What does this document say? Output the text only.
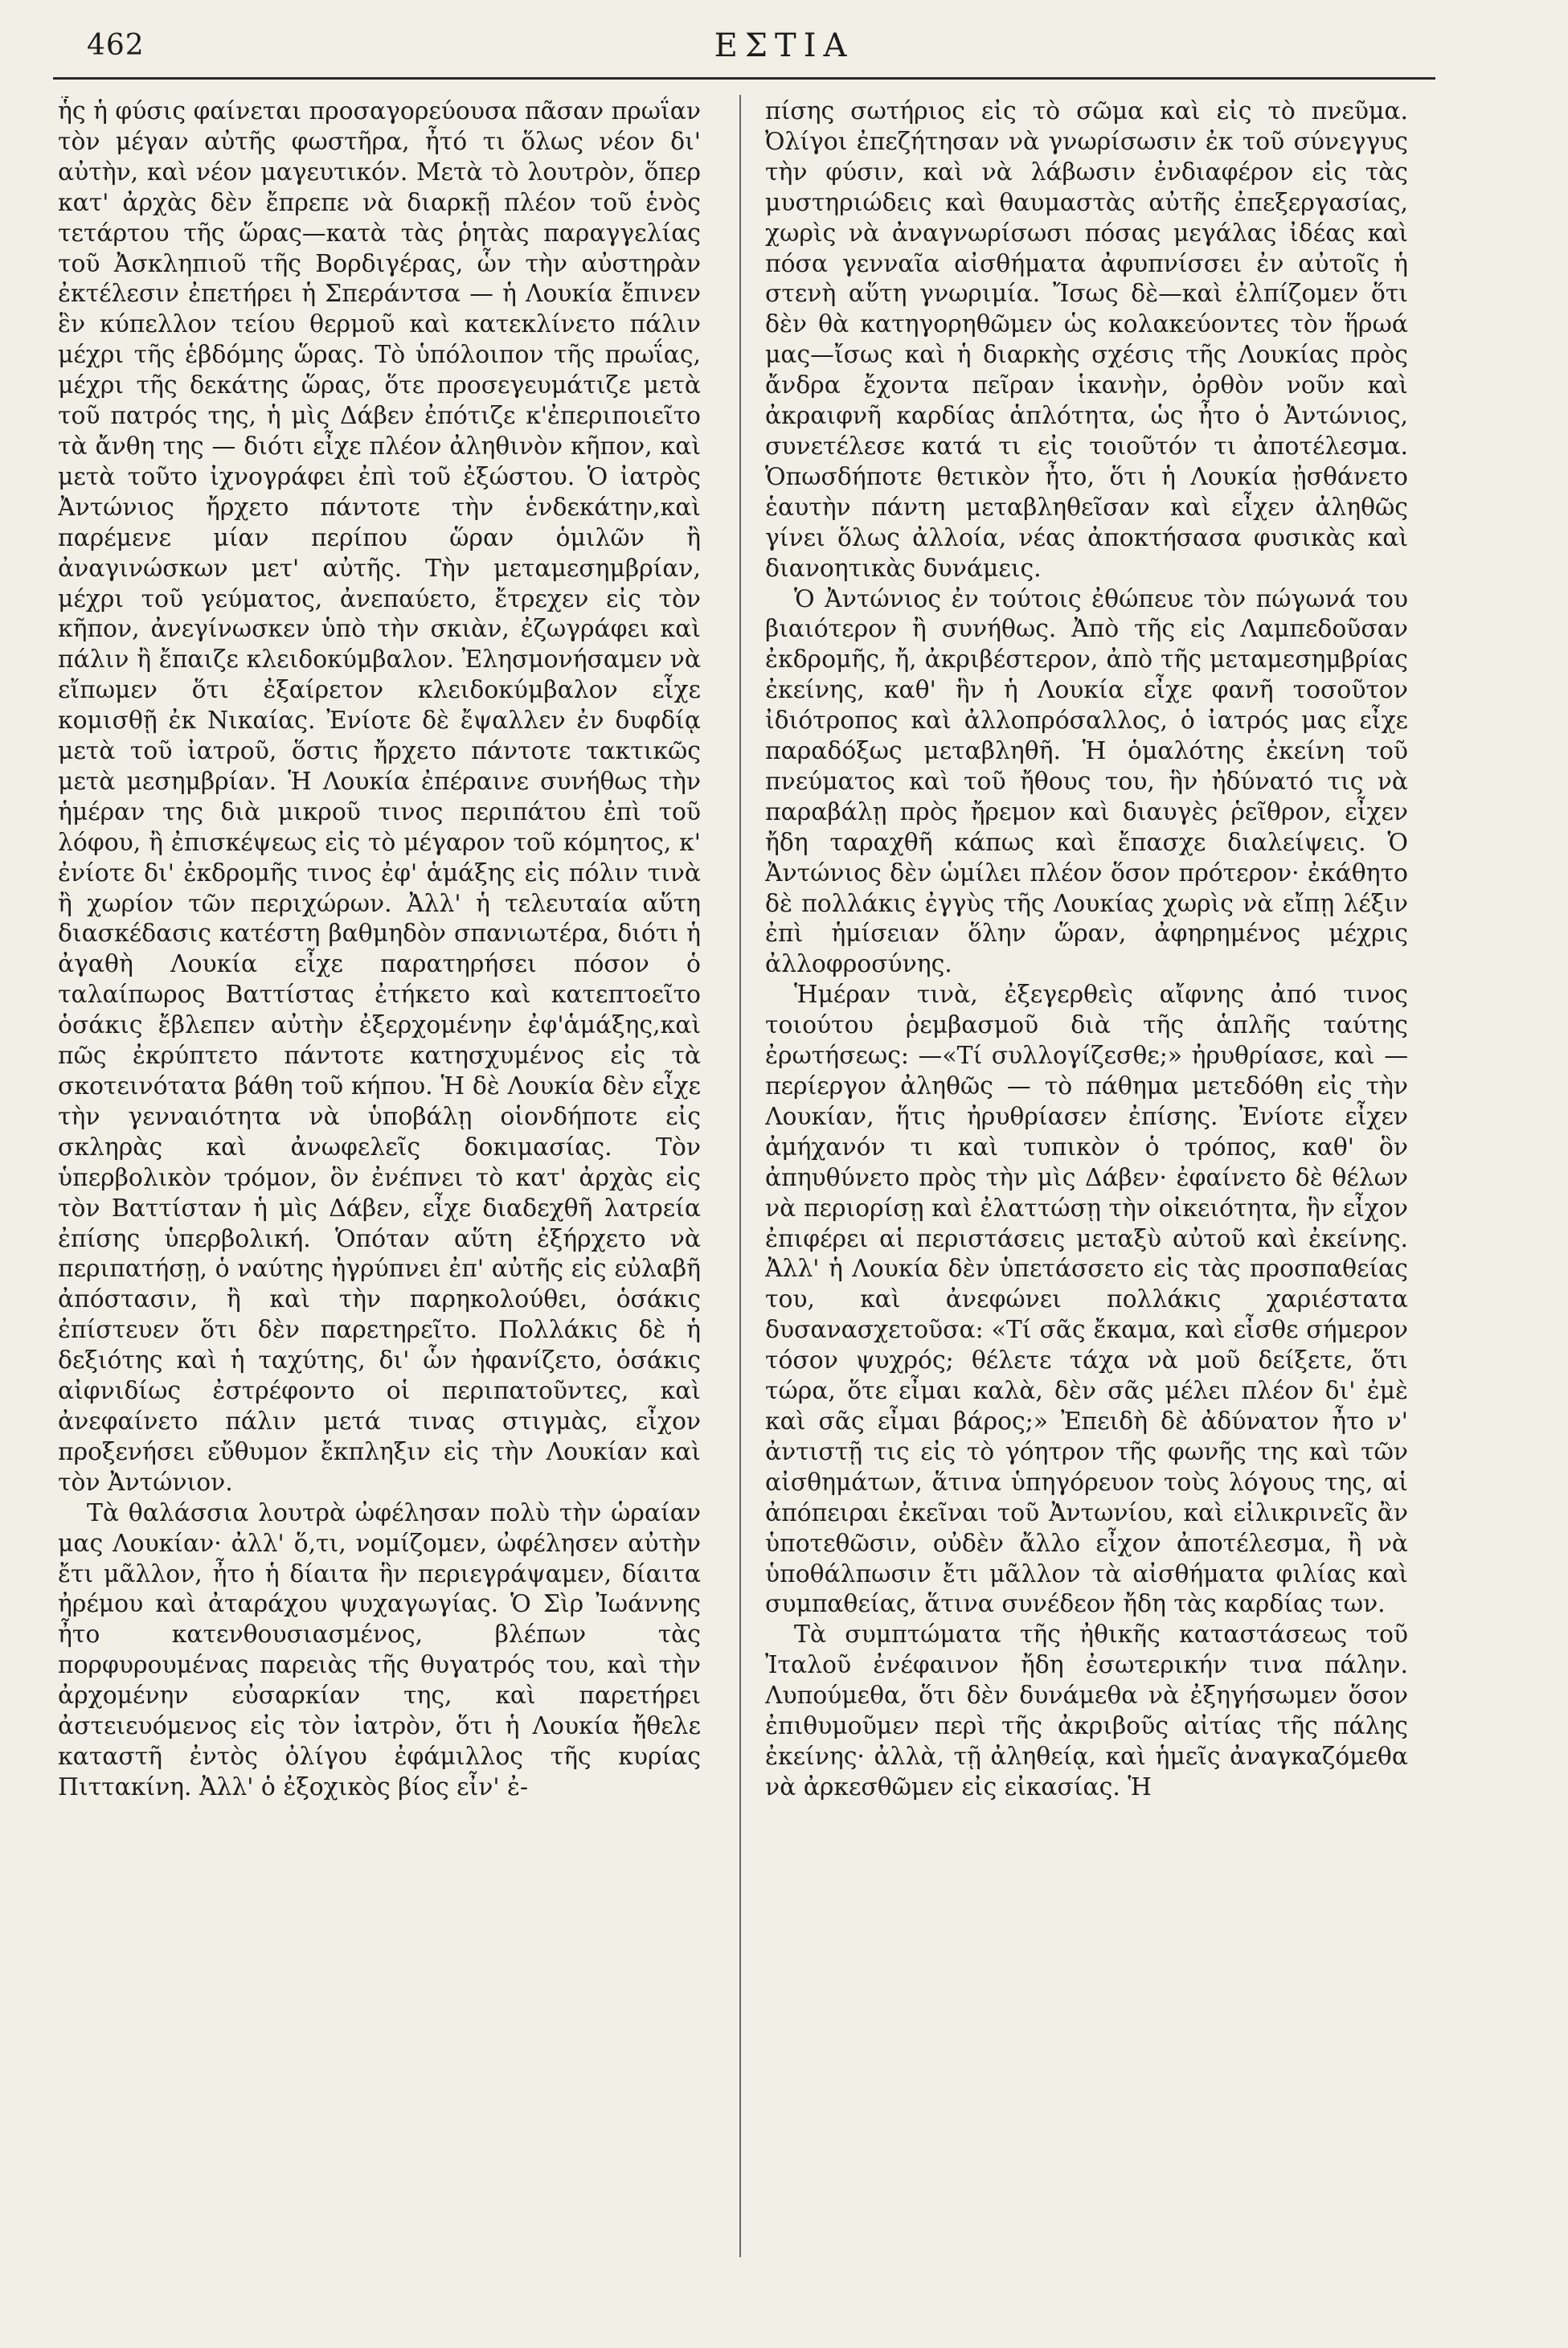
462	ΕΣΤΙΑ

ἧς ἡ φύσις φαίνεται προσαγορεύουσα πᾶσαν πρωΐαν τὸν μέγαν αὐτῆς φωστῆρα, ἦτό τι ὅλως νέον δι' αὐτὴν, καὶ νέον μαγευτικόν. Μετὰ τὸ λουτρὸν, ὅπερ κατ' ἀρχὰς δὲν ἔπρεπε νὰ διαρκῇ πλέον τοῦ ἑνὸς τετάρτου τῆς ὥρας—κατὰ τὰς ῥητὰς παραγγελίας τοῦ Ἀσκληπιοῦ τῆς Βορδιγέρας, ὧν τὴν αὐστηρὰν ἐκτέλεσιν ἐπετήρει ἡ Σπεράντσα — ἡ Λουκία ἔπινεν ἓν κύπελλον τείου θερμοῦ καὶ κατεκλίνετο πάλιν μέχρι τῆς ἑβδόμης ὥρας. Τὸ ὑπόλοιπον τῆς πρωΐας, μέχρι τῆς δεκάτης ὥρας, ὅτε προσεγευμάτιζε μετὰ τοῦ πατρός της, ἡ μὶς Δάβεν ἐπότιζε κ'ἐπεριποιεῖτο τὰ ἄνθη της — διότι εἶχε πλέον ἀληθινὸν κῆπον, καὶ μετὰ τοῦτο ἰχνογράφει ἐπὶ τοῦ ἐξώστου. Ὁ ἰατρὸς Ἀντώνιος ἤρχετο πάντοτε τὴν ἑνδεκάτην,καὶ παρέμενε μίαν περίπου ὥραν ὁμιλῶν ἢ ἀναγινώσκων μετ' αὐτῆς. Τὴν μεταμεσημβρίαν, μέχρι τοῦ γεύματος, ἀνεπαύετο, ἔτρεχεν εἰς τὸν κῆπον, ἀνεγίνωσκεν ὑπὸ τὴν σκιὰν, ἐζωγράφει καὶ πάλιν ἢ ἔπαιζε κλειδοκύμβαλον. Ἐλησμονήσαμεν νὰ εἴπωμεν ὅτι ἐξαίρετον κλειδοκύμβαλον εἶχε κομισθῇ ἐκ Νικαίας. Ἐνίοτε δὲ ἔψαλλεν ἐν δυφδίᾳ μετὰ τοῦ ἰατροῦ, ὅστις ἤρχετο πάντοτε τακτικῶς μετὰ μεσημβρίαν. Ἡ Λουκία ἐπέραινε συνήθως τὴν ἡμέραν της διὰ μικροῦ τινος περιπάτου ἐπὶ τοῦ λόφου, ἢ ἐπισκέψεως εἰς τὸ μέγαρον τοῦ κόμητος, κ' ἐνίοτε δι' ἐκδρομῆς τινος ἐφ' ἁμάξης εἰς πόλιν τινὰ ἢ χωρίον τῶν περιχώρων. Ἀλλ' ἡ τελευταία αὕτη διασκέδασις κατέστη βαθμηδὸν σπανιωτέρα, διότι ἡ ἀγαθὴ Λουκία εἶχε παρατηρήσει πόσον ὁ ταλαίπωρος Βαττίστας ἐτήκετο καὶ κατεπτοεῖτο ὁσάκις ἔβλεπεν αὐτὴν ἐξερχομένην ἐφ'ἁμάξης,καὶ πῶς ἐκρύπτετο πάντοτε κατησχυμένος εἰς τὰ σκοτεινότατα βάθη τοῦ κήπου. Ἡ δὲ Λουκία δὲν εἶχε τὴν γενναιότητα νὰ ὑποβάλῃ οἱονδήποτε εἰς σκληρὰς καὶ ἀνωφελεῖς δοκιμασίας. Τὸν ὑπερβολικὸν τρόμον, ὃν ἐνέπνει τὸ κατ' ἀρχὰς εἰς τὸν Βαττίσταν ἡ μὶς Δάβεν, εἶχε διαδεχθῆ λατρεία ἐπίσης ὑπερβολική. Ὁπόταν αὕτη ἐξήρχετο νὰ περιπατήσῃ, ὁ ναύτης ἠγρύπνει ἐπ' αὐτῆς εἰς εὐλαβῆ ἀπόστασιν, ἢ καὶ τὴν παρηκολούθει, ὁσάκις ἐπίστευεν ὅτι δὲν παρετηρεῖτο. Πολλάκις δὲ ἡ δεξιότης καὶ ἡ ταχύτης, δι' ὧν ἠφανίζετο, ὁσάκις αἰφνιδίως ἐστρέφοντο οἱ περιπατοῦντες, καὶ ἀνεφαίνετο πάλιν μετά τινας στιγμὰς, εἶχον προξενήσει εὔθυμον ἔκπληξιν εἰς τὴν Λουκίαν καὶ τὸν Ἀντώνιον.

Τὰ θαλάσσια λουτρὰ ὠφέλησαν πολὺ τὴν ὡραίαν μας Λουκίαν· ἀλλ' ὅ,τι, νομίζομεν, ὠφέλησεν αὐτὴν ἔτι μᾶλλον, ἦτο ἡ δίαιτα ἣν περιεγράψαμεν, δίαιτα ἠρέμου καὶ ἀταράχου ψυχαγωγίας. Ὁ Σὶρ Ἰωάννης ἦτο κατενθουσιασμένος, βλέπων τὰς πορφυρουμένας παρειὰς τῆς θυγατρός του, καὶ τὴν ἀρχομένην εὐσαρκίαν της, καὶ παρετήρει ἀστειευόμενος εἰς τὸν ἰατρὸν, ὅτι ἡ Λουκία ἤθελε καταστῆ ἐντὸς ὀλίγου ἐφάμιλλος τῆς κυρίας Πιττακίνη. Ἀλλ' ὁ ἐξοχικὸς βίος εἶν' ἐ-

πίσης σωτήριος εἰς τὸ σῶμα καὶ εἰς τὸ πνεῦμα. Ὀλίγοι ἐπεζήτησαν νὰ γνωρίσωσιν ἐκ τοῦ σύνεγγυς τὴν φύσιν, καὶ νὰ λάβωσιν ἐνδιαφέρον εἰς τὰς μυστηριώδεις καὶ θαυμαστὰς αὐτῆς ἐπεξεργασίας, χωρὶς νὰ ἀναγνωρίσωσι πόσας μεγάλας ἰδέας καὶ πόσα γενναῖα αἰσθήματα ἀφυπνίσσει ἐν αὐτοῖς ἡ στενὴ αὕτη γνωριμία. Ἴσως δὲ—καὶ ἐλπίζομεν ὅτι δὲν θὰ κατηγορηθῶμεν ὡς κολακεύοντες τὸν ἥρωά μας—ἴσως καὶ ἡ διαρκὴς σχέσις τῆς Λουκίας πρὸς ἄνδρα ἔχοντα πεῖραν ἱκανὴν, ὀρθὸν νοῦν καὶ ἀκραιφνῆ καρδίας ἁπλότητα, ὡς ἦτο ὁ Ἀντώνιος, συνετέλεσε κατά τι εἰς τοιοῦτόν τι ἀποτέλεσμα. Ὁπωσδήποτε θετικὸν ἦτο, ὅτι ἡ Λουκία ᾐσθάνετο ἑαυτὴν πάντη μεταβληθεῖσαν καὶ εἶχεν ἀληθῶς γίνει ὅλως ἀλλοία, νέας ἀποκτήσασα φυσικὰς καὶ διανοητικὰς δυνάμεις.

Ὁ Ἀντώνιος ἐν τούτοις ἐθώπευε τὸν πώγωνά του βιαιότερον ἢ συνήθως. Ἀπὸ τῆς εἰς Λαμπεδοῦσαν ἐκδρομῆς, ἤ, ἀκριβέστερον, ἀπὸ τῆς μεταμεσημβρίας ἐκείνης, καθ' ἣν ἡ Λουκία εἶχε φανῆ τοσοῦτον ἰδιότροπος καὶ ἀλλοπρόσαλλος, ὁ ἰατρός μας εἶχε παραδόξως μεταβληθῆ. Ἡ ὁμαλότης ἐκείνη τοῦ πνεύματος καὶ τοῦ ἤθους του, ἣν ἠδύνατό τις νὰ παραβάλῃ πρὸς ἤρεμον καὶ διαυγὲς ῥεῖθρον, εἶχεν ἤδη ταραχθῆ κάπως καὶ ἔπασχε διαλείψεις. Ὁ Ἀντώνιος δὲν ὡμίλει πλέον ὅσον πρότερον· ἐκάθητο δὲ πολλάκις ἐγγὺς τῆς Λουκίας χωρὶς νὰ εἴπῃ λέξιν ἐπὶ ἡμίσειαν ὅλην ὥραν, ἀφηρημένος μέχρις ἀλλοφροσύνης.

Ἡμέραν τινὰ, ἐξεγερθεὶς αἴφνης ἀπό τινος τοιούτου ῥεμβασμοῦ διὰ τῆς ἁπλῆς ταύτης ἐρωτήσεως: —«Τί συλλογίζεσθε;» ἠρυθρίασε, καὶ — περίεργον ἀληθῶς — τὸ πάθημα μετεδόθη εἰς τὴν Λουκίαν, ἥτις ἠρυθρίασεν ἐπίσης. Ἐνίοτε εἶχεν ἀμήχανόν τι καὶ τυπικὸν ὁ τρόπος, καθ' ὃν ἀπηυθύνετο πρὸς τὴν μὶς Δάβεν· ἐφαίνετο δὲ θέλων νὰ περιορίσῃ καὶ ἐλαττώσῃ τὴν οἰκειότητα, ἣν εἶχον ἐπιφέρει αἱ περιστάσεις μεταξὺ αὐτοῦ καὶ ἐκείνης. Ἀλλ' ἡ Λουκία δὲν ὑπετάσσετο εἰς τὰς προσπαθείας του, καὶ ἀνεφώνει πολλάκις χαριέστατα δυσανασχετοῦσα: «Τί σᾶς ἔκαμα, καὶ εἶσθε σήμερον τόσον ψυχρός; θέλετε τάχα νὰ μοῦ δείξετε, ὅτι τώρα, ὅτε εἶμαι καλὰ, δὲν σᾶς μέλει πλέον δι' ἐμὲ καὶ σᾶς εἶμαι βάρος;» Ἐπειδὴ δὲ ἀδύνατον ἦτο ν' ἀντιστῇ τις εἰς τὸ γόητρον τῆς φωνῆς της καὶ τῶν αἰσθημάτων, ἅτινα ὑπηγόρευον τοὺς λόγους της, αἱ ἀπόπειραι ἐκεῖναι τοῦ Ἀντωνίου, καὶ εἰλικρινεῖς ἂν ὑποτεθῶσιν, οὐδὲν ἄλλο εἶχον ἀποτέλεσμα, ἢ νὰ ὑποθάλπωσιν ἔτι μᾶλλον τὰ αἰσθήματα φιλίας καὶ συμπαθείας, ἅτινα συνέδεον ἤδη τὰς καρδίας των.

Τὰ συμπτώματα τῆς ἠθικῆς καταστάσεως τοῦ Ἰταλοῦ ἐνέφαινον ἤδη ἐσωτερικήν τινα πάλην. Λυπούμεθα, ὅτι δὲν δυνάμεθα νὰ ἐξηγήσωμεν ὅσον ἐπιθυμοῦμεν περὶ τῆς ἀκριβοῦς αἰτίας τῆς πάλης ἐκείνης· ἀλλὰ, τῇ ἀληθείᾳ, καὶ ἡμεῖς ἀναγκαζόμεθα νὰ ἀρκεσθῶμεν εἰς εἰκασίας. Ἡ
